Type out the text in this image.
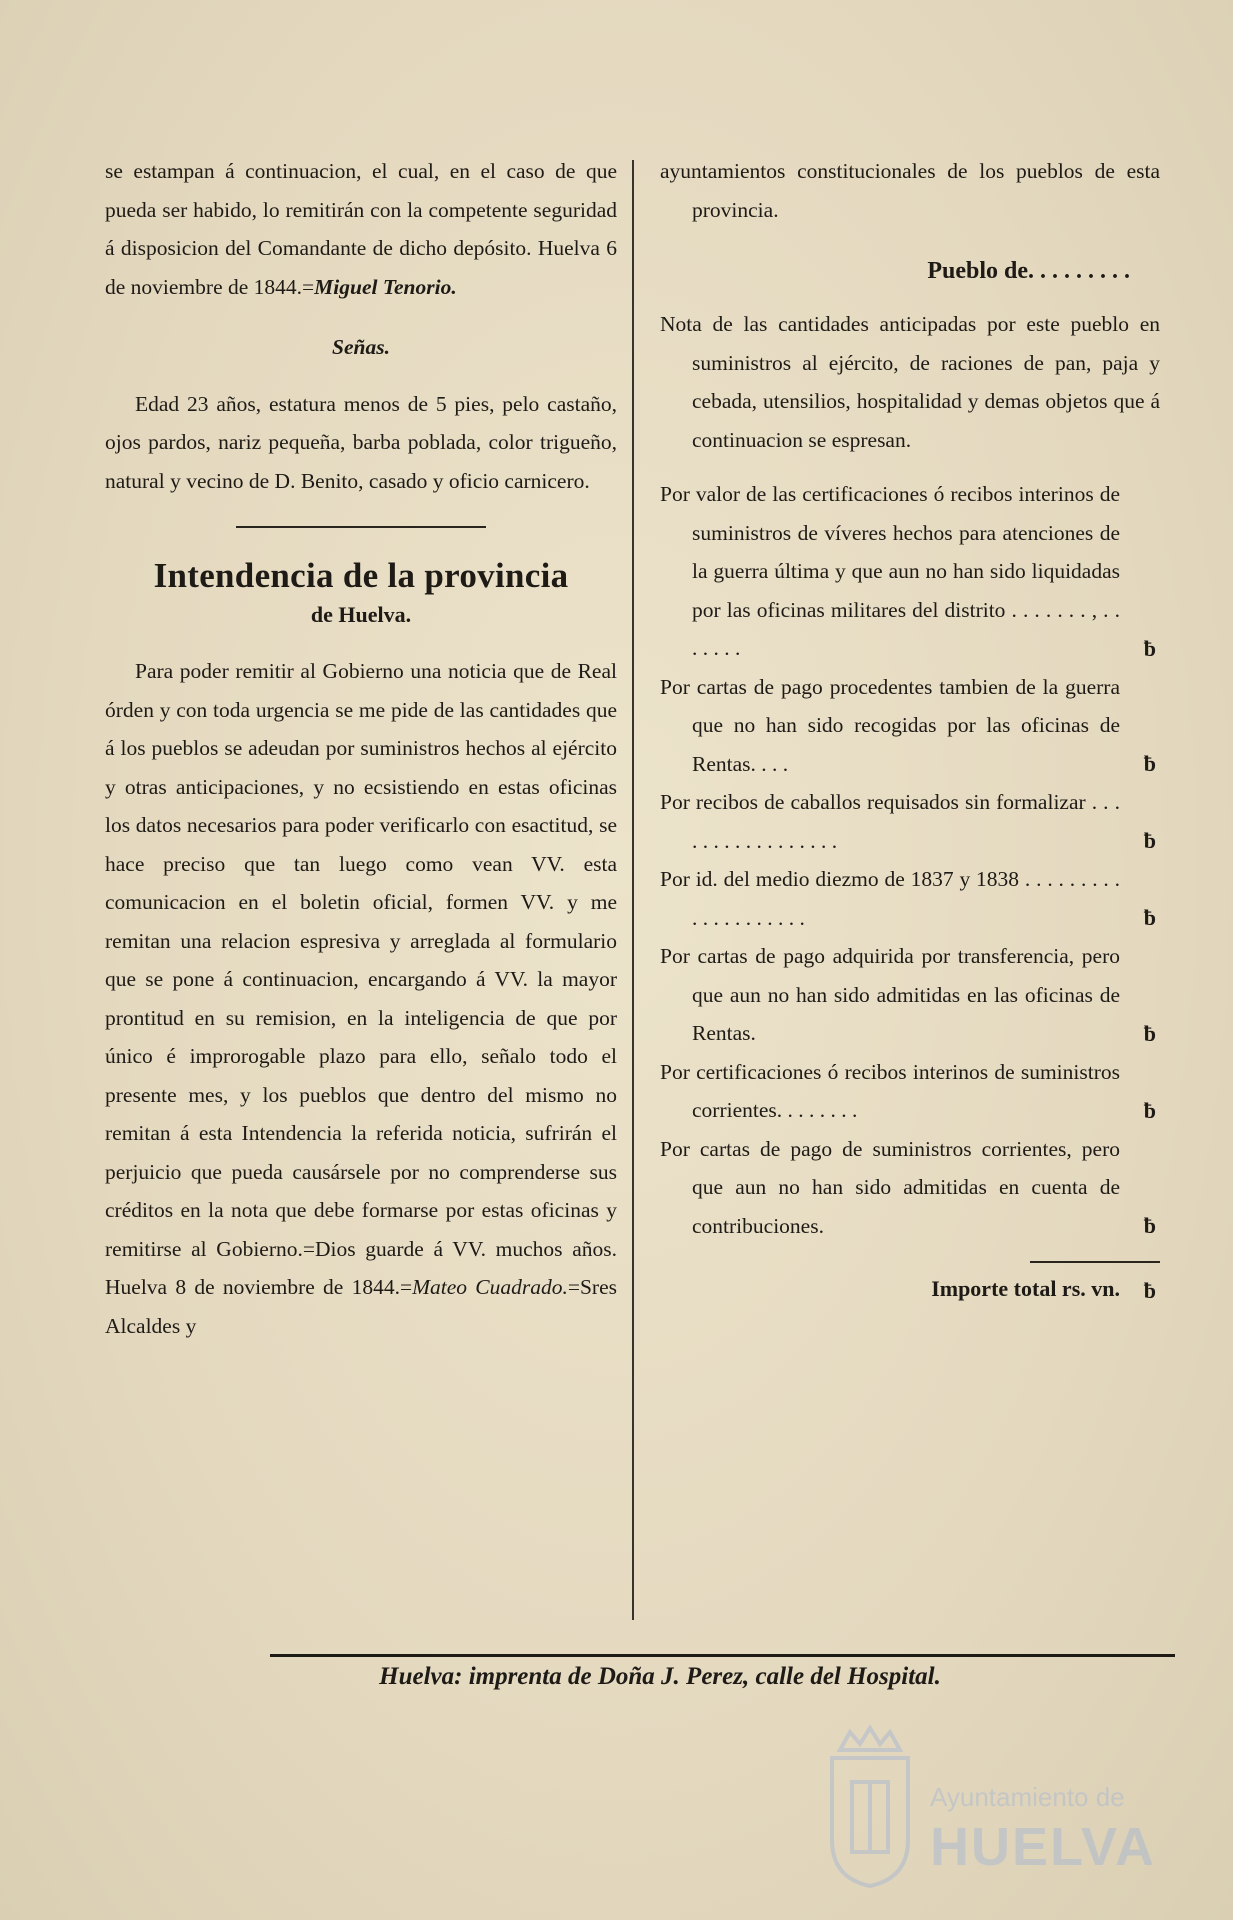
se estampan á continuacion, el cual, en el caso de que pueda ser habido, lo remitirán con la competente seguridad á disposicion del Comandante de dicho depósito. Huelva 6 de noviembre de 1844.=Miguel Tenorio.

Señas.

Edad 23 años, estatura menos de 5 pies, pelo castaño, ojos pardos, nariz pequeña, barba poblada, color trigueño, natural y vecino de D. Benito, casado y oficio carnicero.

Intendencia de la provincia
de Huelva.

Para poder remitir al Gobierno una noticia que de Real órden y con toda urgencia se me pide de las cantidades que á los pueblos se adeudan por suministros hechos al ejército y otras anticipaciones, y no ecsistiendo en estas oficinas los datos necesarios para poder verificarlo con esactitud, se hace preciso que tan luego como vean VV. esta comunicacion en el boletin oficial, formen VV. y me remitan una relacion espresiva y arreglada al formulario que se pone á continuacion, encargando á VV. la mayor prontitud en su remision, en la inteligencia de que por único é improrogable plazo para ello, señalo todo el presente mes, y los pueblos que dentro del mismo no remitan á esta Intendencia la referida noticia, sufrirán el perjuicio que pueda causársele por no comprenderse sus créditos en la nota que debe formarse por estas oficinas y remitirse al Gobierno.=Dios guarde á VV. muchos años. Huelva 8 de noviembre de 1844.=Mateo Cuadrado.=Sres Alcaldes y

ayuntamientos constitucionales de los pueblos de esta provincia.

Pueblo de. . . . . . . . .

Nota de las cantidades anticipadas por este pueblo en suministros al ejército, de raciones de pan, paja y cebada, utensilios, hospitalidad y demas objetos que á continuacion se espresan.

Por valor de las certificaciones ó recibos interinos de suministros de víveres hechos para atenciones de la guerra última y que aun no han sido liquidadas por las oficinas militares del distrito . . . . . . . , . . . . . . .	ƀ

Por cartas de pago procedentes tambien de la guerra que no han sido recogidas por las oficinas de Rentas. . . .	ƀ

Por recibos de caballos requisados sin formalizar . . . . . . . . . . . . . . . . .	ƀ

Por id. del medio diezmo de 1837 y 1838 . . . . . . . . . . . . . . . . . . . .	ƀ

Por cartas de pago adquirida por transferencia, pero que aun no han sido admitidas en las oficinas de Rentas.	ƀ

Por certificaciones ó recibos interinos de suministros corrientes. . . . . . . .	ƀ

Por cartas de pago de suministros corrientes, pero que aun no han sido admitidas en cuenta de contribuciones.	ƀ
Importe total rs. vn. ƀ
Huelva: imprenta de Doña J. Perez, calle del Hospital.
Ayuntamiento de
HUELVA
